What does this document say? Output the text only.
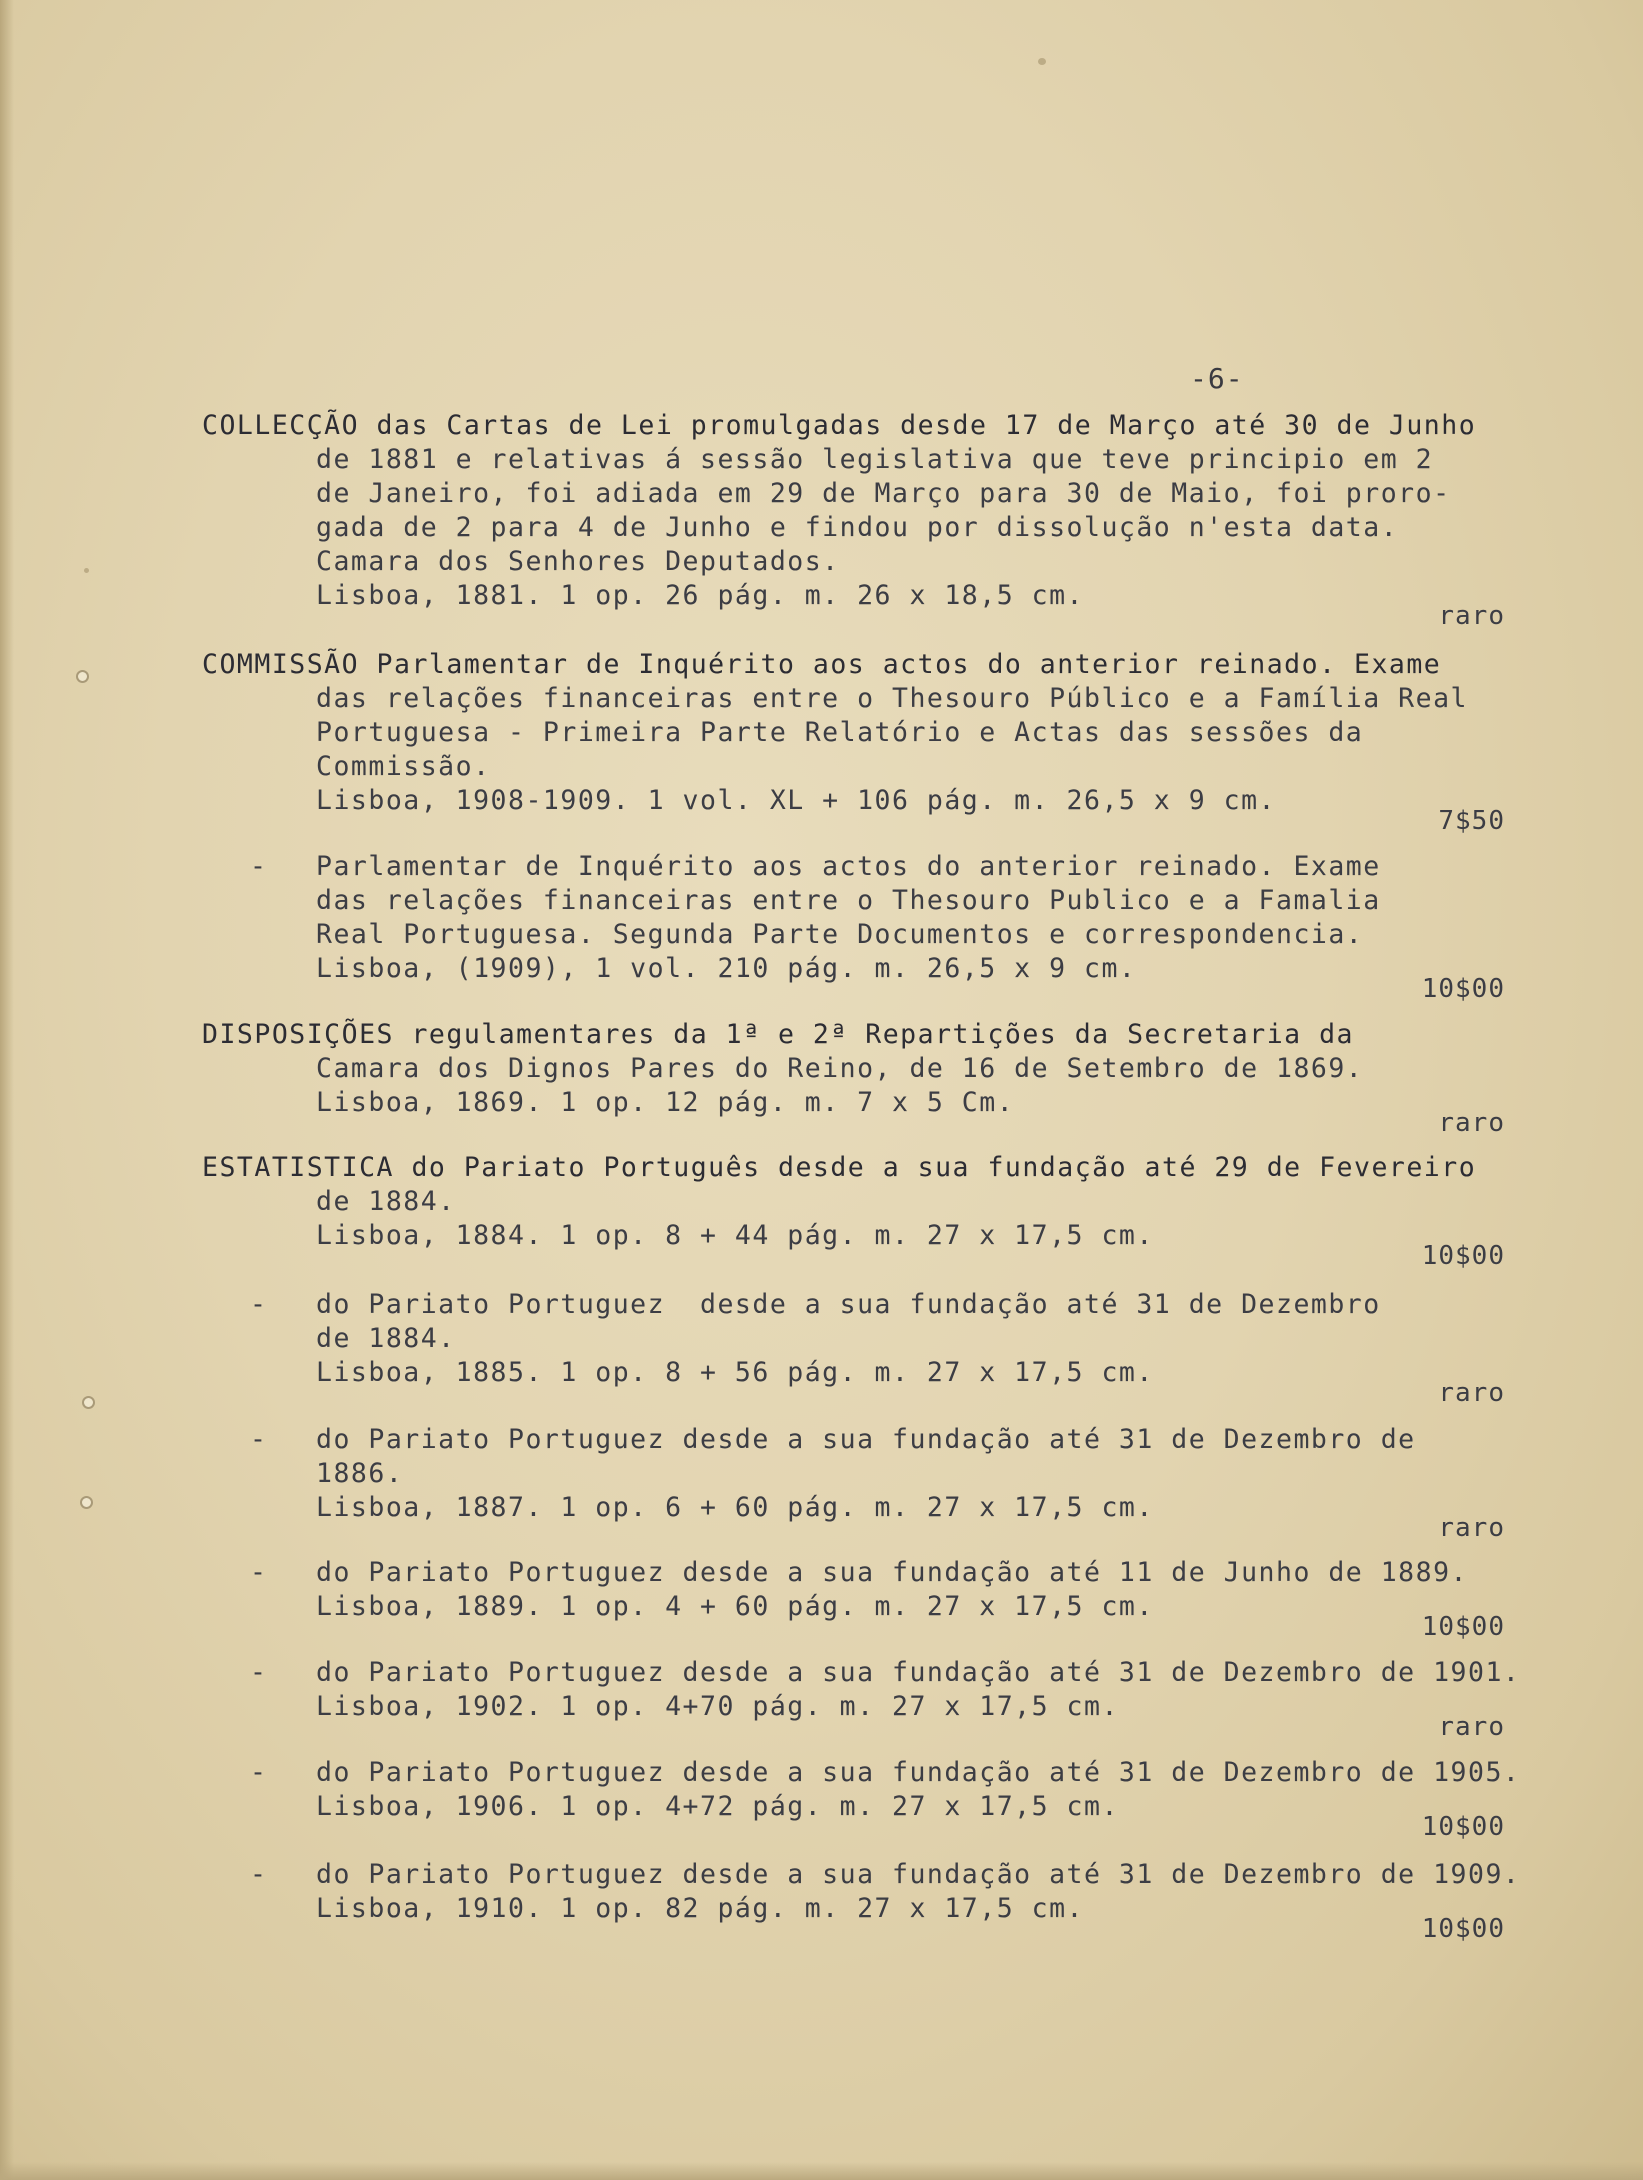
-6-
COLLECÇÃO das Cartas de Lei promulgadas desde 17 de Março até 30 de Junho
de 1881 e relativas á sessão legislativa que teve principio em 2
de Janeiro, foi adiada em 29 de Março para 30 de Maio, foi proro-
gada de 2 para 4 de Junho e findou por dissolução n'esta data.
Camara dos Senhores Deputados.
Lisboa, 1881. 1 op. 26 pág. m. 26 x 18,5 cm.
raro
COMMISSÃO Parlamentar de Inquérito aos actos do anterior reinado. Exame
das relações financeiras entre o Thesouro Público e a Família Real
Portuguesa - Primeira Parte Relatório e Actas das sessões da
Commissão.
Lisboa, 1908-1909. 1 vol. XL + 106 pág. m. 26,5 x 9 cm.
7$50
- Parlamentar de Inquérito aos actos do anterior reinado. Exame
das relações financeiras entre o Thesouro Publico e a Famalia
Real Portuguesa. Segunda Parte Documentos e correspondencia.
Lisboa, (1909), 1 vol. 210 pág. m. 26,5 x 9 cm.
10$00
DISPOSIÇÕES regulamentares da 1ª e 2ª Repartições da Secretaria da
Camara dos Dignos Pares do Reino, de 16 de Setembro de 1869.
Lisboa, 1869. 1 op. 12 pág. m. 7 x 5 Cm.
raro
ESTATISTICA do Pariato Português desde a sua fundação até 29 de Fevereiro
de 1884.
Lisboa, 1884. 1 op. 8 + 44 pág. m. 27 x 17,5 cm.
10$00
- do Pariato Portuguez  desde a sua fundação até 31 de Dezembro
de 1884.
Lisboa, 1885. 1 op. 8 + 56 pág. m. 27 x 17,5 cm.
raro
- do Pariato Portuguez desde a sua fundação até 31 de Dezembro de
1886.
Lisboa, 1887. 1 op. 6 + 60 pág. m. 27 x 17,5 cm.
raro
- do Pariato Portuguez desde a sua fundação até 11 de Junho de 1889.
Lisboa, 1889. 1 op. 4 + 60 pág. m. 27 x 17,5 cm.
10$00
- do Pariato Portuguez desde a sua fundação até 31 de Dezembro de 1901.
Lisboa, 1902. 1 op. 4+70 pág. m. 27 x 17,5 cm.
raro
- do Pariato Portuguez desde a sua fundação até 31 de Dezembro de 1905.
Lisboa, 1906. 1 op. 4+72 pág. m. 27 x 17,5 cm.
10$00
- do Pariato Portuguez desde a sua fundação até 31 de Dezembro de 1909.
Lisboa, 1910. 1 op. 82 pág. m. 27 x 17,5 cm.
10$00
